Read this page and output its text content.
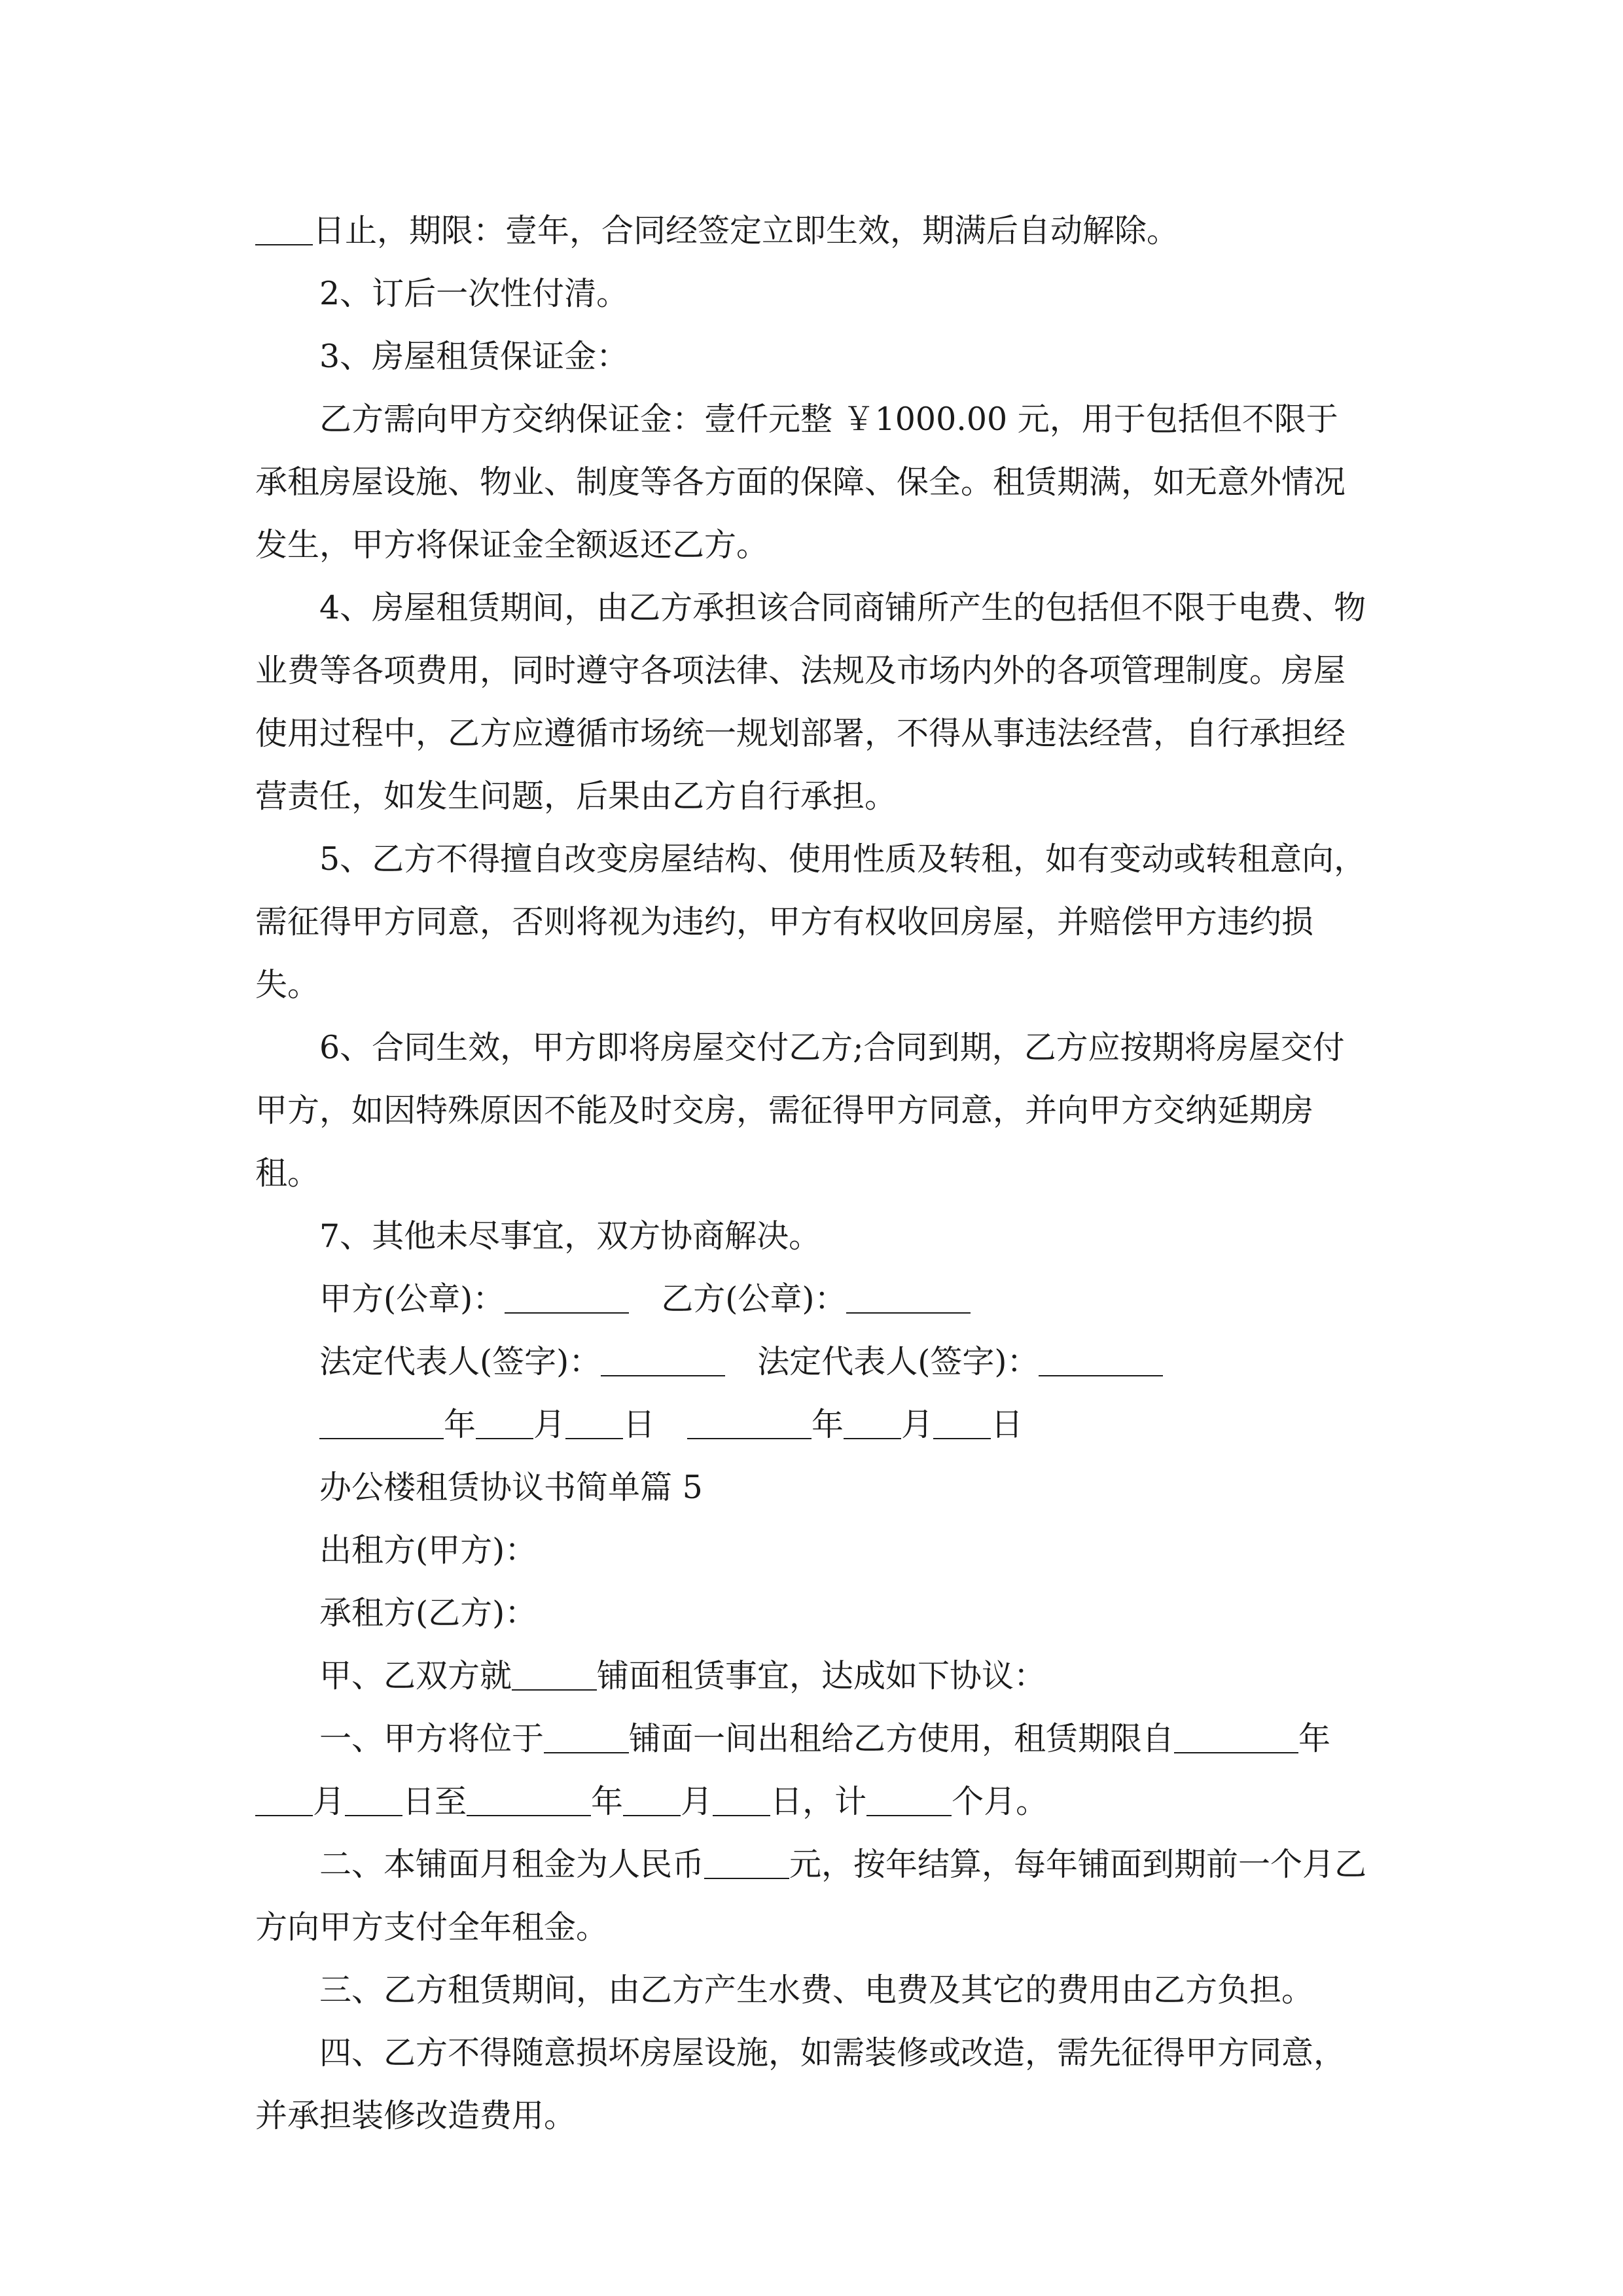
日止，期限：壹年，合同经签定立即生效，期满后自动解除。

2、订后一次性付清。

3、房屋租赁保证金：

乙方需向甲方交纳保证金：壹仟元整 ￥1000.00 元，用于包括但不限于承租房屋设施、物业、制度等各方面的保障、保全。租赁期满，如无意外情况发生，甲方将保证金全额返还乙方。

4、房屋租赁期间，由乙方承担该合同商铺所产生的包括但不限于电费、物业费等各项费用，同时遵守各项法律、法规及市场内外的各项管理制度。房屋使用过程中，乙方应遵循市场统一规划部署，不得从事违法经营，自行承担经营责任，如发生问题，后果由乙方自行承担。

5、乙方不得擅自改变房屋结构、使用性质及转租，如有变动或转租意向，需征得甲方同意，否则将视为违约，甲方有权收回房屋，并赔偿甲方违约损失。

6、合同生效，甲方即将房屋交付乙方;合同到期，乙方应按期将房屋交付甲方，如因特殊原因不能及时交房，需征得甲方同意，并向甲方交纳延期房租。

7、其他未尽事宜，双方协商解决。

甲方(公章)： 	乙方(公章)：

法定代表人(签字)： 	法定代表人(签字)：

年 月 日 	年 月 日

办公楼租赁协议书简单篇 5

出租方(甲方)：

承租方(乙方)：

甲、乙双方就	铺面租赁事宜，达成如下协议：

一、甲方将位于	铺面一间出租给乙方使用，租赁期限自	年月 日至	年 月 日，计	个月。

二、本铺面月租金为人民币	元，按年结算，每年铺面到期前一个月乙方向甲方支付全年租金。

三、乙方租赁期间，由乙方产生水费、电费及其它的费用由乙方负担。

四、乙方不得随意损坏房屋设施，如需装修或改造，需先征得甲方同意，并承担装修改造费用。
